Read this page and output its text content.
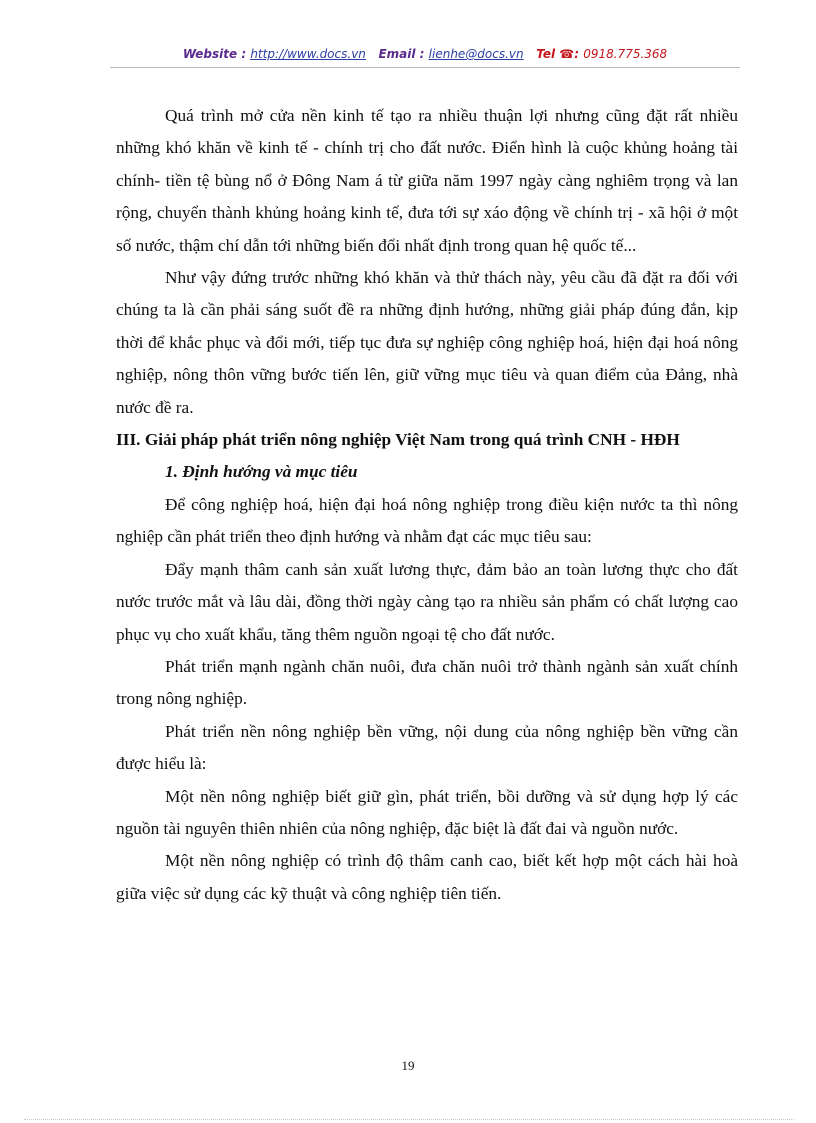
Website : http://www.docs.vn Email : lienhe@docs.vn Tel ☎: 0918.775.368

Quá trình mở cửa nền kinh tế tạo ra nhiều thuận lợi nhưng cũng đặt rất nhiều những khó khăn về kinh tế - chính trị cho đất nước. Điển hình là cuộc khủng hoảng tài chính- tiền tệ bùng nổ ở Đông Nam á từ giữa năm 1997 ngày càng nghiêm trọng và lan rộng, chuyển thành khủng hoảng kinh tế, đưa tới sự xáo động về chính trị - xã hội ở một số nước, thậm chí dẫn tới những biến đổi nhất định trong quan hệ quốc tế...

Như vậy đứng trước những khó khăn và thử thách này, yêu cầu đã đặt ra đối với chúng ta là cần phải sáng suốt đề ra những định hướng, những giải pháp đúng đắn, kịp thời để khắc phục và đổi mới, tiếp tục đưa sự nghiệp công nghiệp hoá, hiện đại hoá nông nghiệp, nông thôn vững bước tiến lên, giữ vững mục tiêu và quan điểm của Đảng, nhà nước đề ra.

III. Giải pháp phát triển nông nghiệp Việt Nam trong quá trình CNH - HĐH
1. Định hướng và mục tiêu

Để công nghiệp hoá, hiện đại hoá nông nghiệp trong điều kiện nước ta thì nông nghiệp cần phát triển theo định hướng và nhằm đạt các mục tiêu sau:

Đẩy mạnh thâm canh sản xuất lương thực, đảm bảo an toàn lương thực cho đất nước trước mắt và lâu dài, đồng thời ngày càng tạo ra nhiều sản phẩm có chất lượng cao phục vụ cho xuất khẩu, tăng thêm nguồn ngoại tệ cho đất nước.

Phát triển mạnh ngành chăn nuôi, đưa chăn nuôi trở thành ngành sản xuất chính trong nông nghiệp.

Phát triển nền nông nghiệp bền vững, nội dung của nông nghiệp bền vững cần được hiểu là:

Một nền nông nghiệp biết giữ gìn, phát triển, bồi dưỡng và sử dụng hợp lý các nguồn tài nguyên thiên nhiên của nông nghiệp, đặc biệt là đất đai và nguồn nước.

Một nền nông nghiệp có trình độ thâm canh cao, biết kết hợp một cách hài hoà giữa việc sử dụng các kỹ thuật và công nghiệp tiên tiến.

19
